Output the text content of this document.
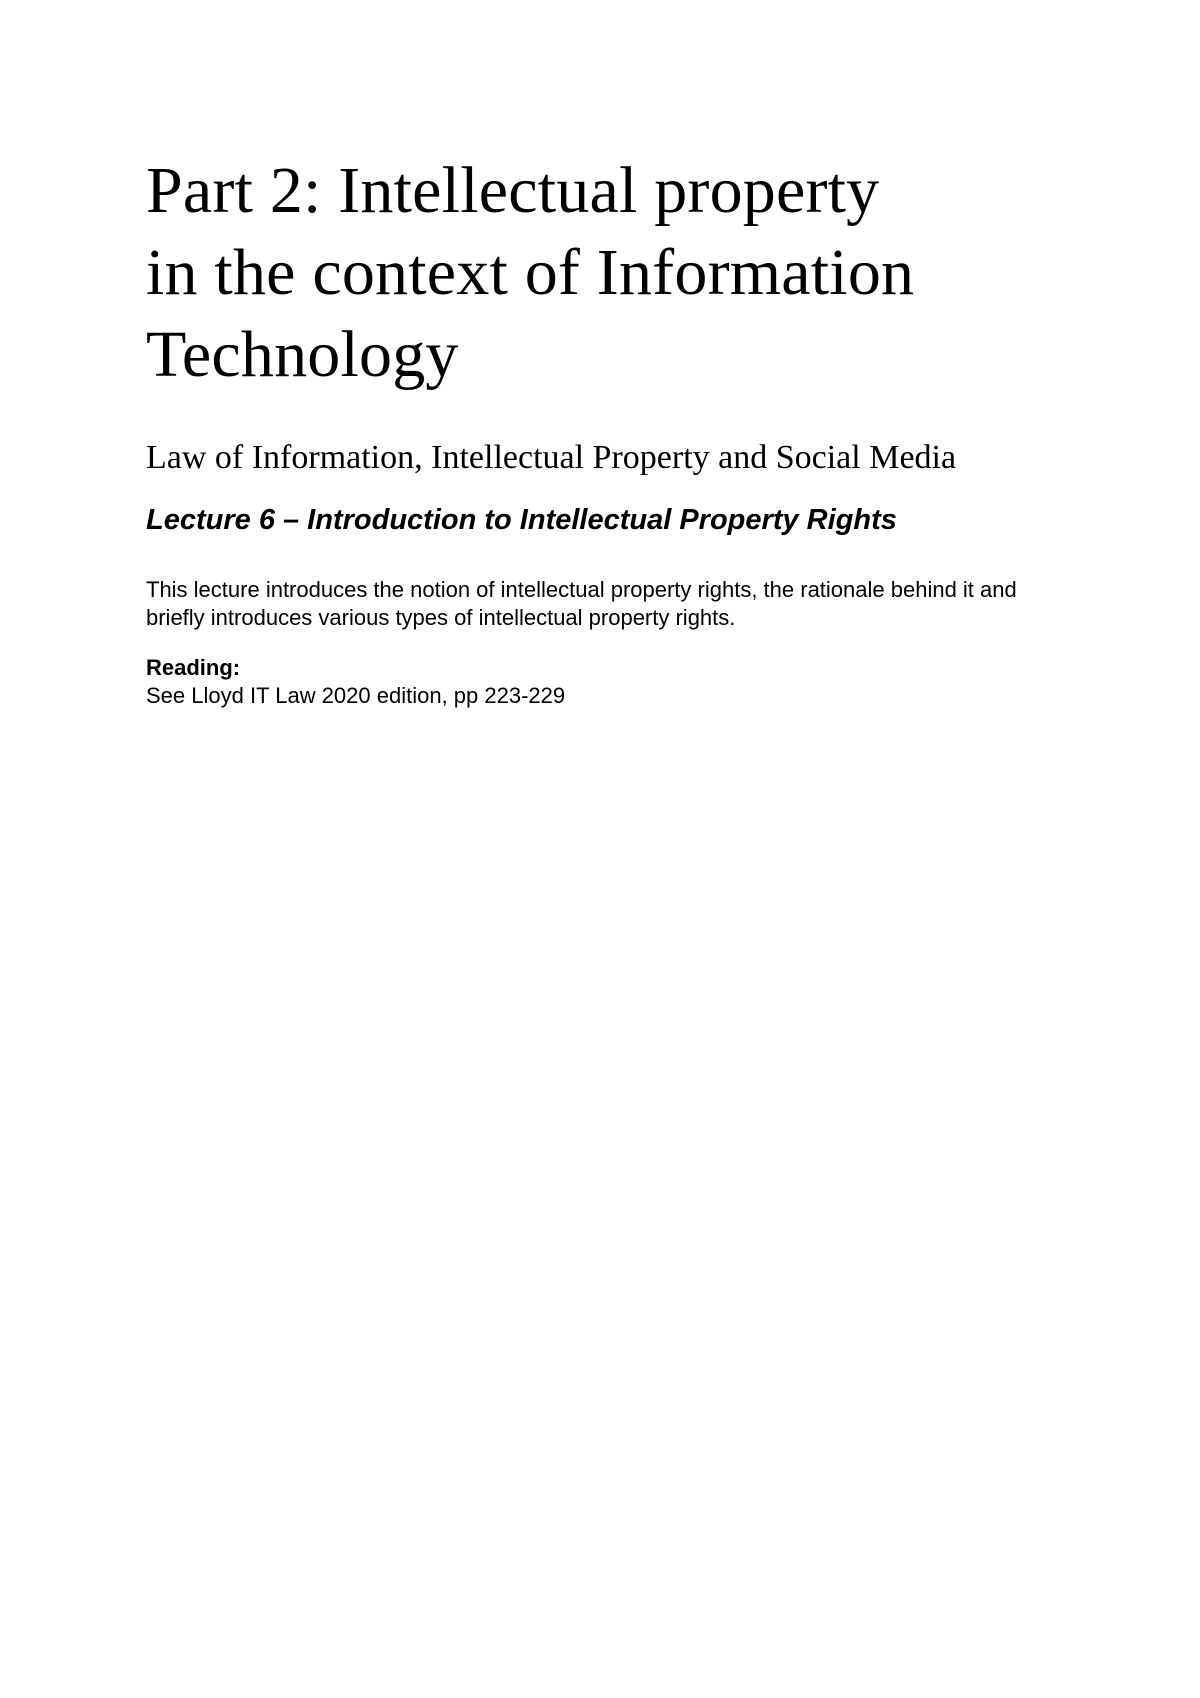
Part 2: Intellectual property
in the context of Information
Technology

Law of Information, Intellectual Property and Social Media

Lecture 6 – Introduction to Intellectual Property Rights

This lecture introduces the notion of intellectual property rights, the rationale behind it and briefly introduces various types of intellectual property rights.

Reading:

See Lloyd IT Law 2020 edition, pp 223-229
